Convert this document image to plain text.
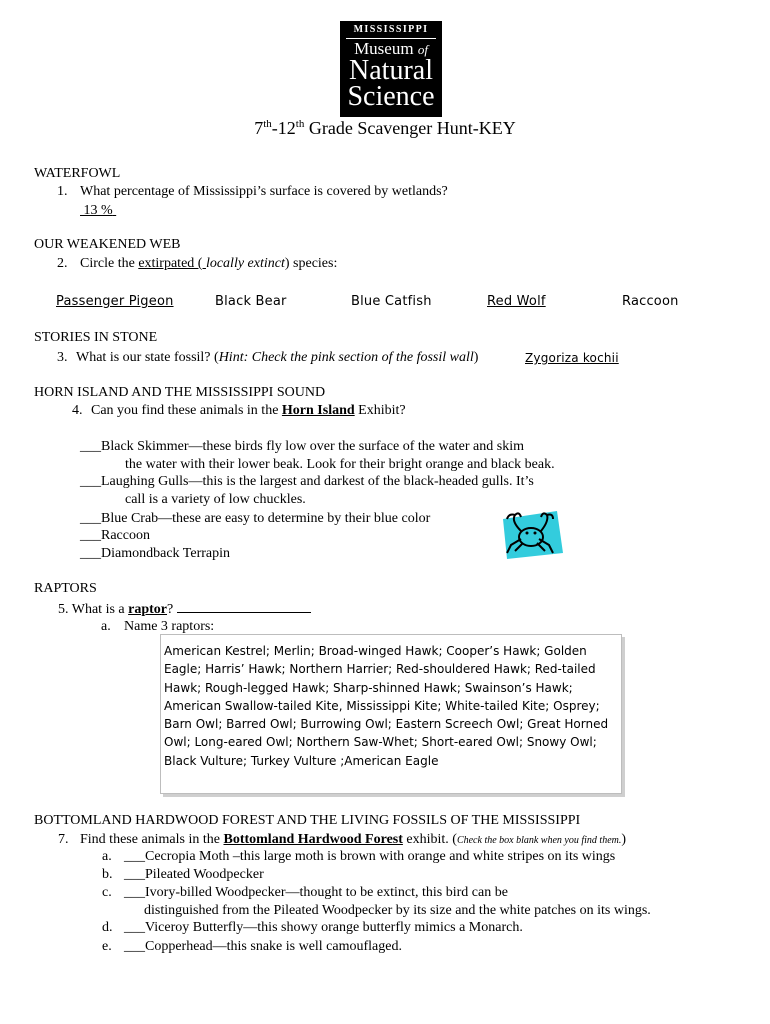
MISSISSIPPI
Museum of
Natural
Science
7th-12th Grade Scavenger Hunt-KEY
WATERFOWL
1. What percentage of Mississippi’s surface is covered by wetlands?
13 %
OUR WEAKENED WEB
2. Circle the extirpated ( locally extinct) species:
Passenger Pigeon	Black Bear	Blue Catfish	Red Wolf	Raccoon
STORIES IN STONE
3. What is our state fossil? (Hint: Check the pink section of the fossil wall)	Zygoriza kochii
HORN ISLAND AND THE MISSISSIPPI SOUND
4. Can you find these animals in the Horn Island Exhibit?
___Black Skimmer—these birds fly low over the surface of the water and skim
the water with their lower beak. Look for their bright orange and black beak.
___Laughing Gulls—this is the largest and darkest of the black-headed gulls. It’s
call is a variety of low chuckles.
___Blue Crab—these are easy to determine by their blue color
___Raccoon
___Diamondback Terrapin
RAPTORS
5. What is a raptor?
a. Name 3 raptors:
American Kestrel; Merlin; Broad-winged Hawk; Cooper’s Hawk; Golden Eagle; Harris’ Hawk; Northern Harrier; Red-shouldered Hawk; Red-tailed Hawk; Rough-legged Hawk; Sharp-shinned Hawk; Swainson’s Hawk; American Swallow-tailed Kite, Mississippi Kite; White-tailed Kite; Osprey; Barn Owl; Barred Owl; Burrowing Owl; Eastern Screech Owl; Great Horned Owl; Long-eared Owl; Northern Saw-Whet; Short-eared Owl; Snowy Owl; Black Vulture; Turkey Vulture ;American Eagle
BOTTOMLAND HARDWOOD FOREST AND THE LIVING FOSSILS OF THE MISSISSIPPI
7. Find these animals in the Bottomland Hardwood Forest exhibit. (Check the box blank when you find them.)
a. ___Cecropia Moth –this large moth is brown with orange and white stripes on its wings
b. ___Pileated Woodpecker
c. ___Ivory-billed Woodpecker—thought to be extinct, this bird can be
distinguished from the Pileated Woodpecker by its size and the white patches on its wings.
d. ___Viceroy Butterfly—this showy orange butterfly mimics a Monarch.
e. ___Copperhead—this snake is well camouflaged.
